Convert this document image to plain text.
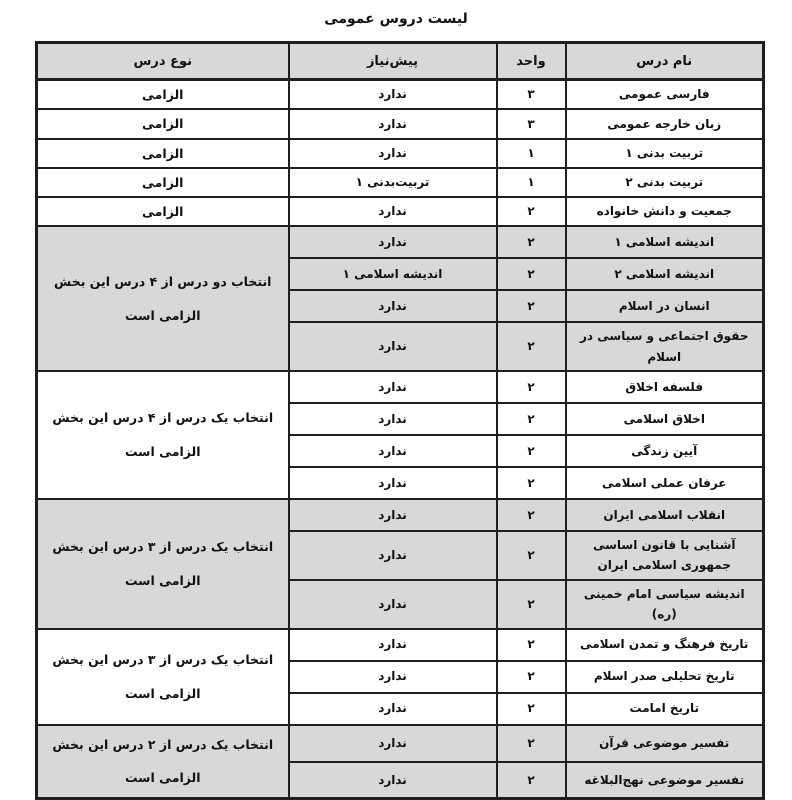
لیست دروس عمومی
نام درس	واحد	پیش‌نیاز	نوع درس
فارسی عمومی	۳	ندارد	الزامی
زبان خارجه عمومی	۳	ندارد	الزامی
تربیت بدنی ۱	۱	ندارد	الزامی
تربیت بدنی ۲	۱	تربیت‌بدنی ۱	الزامی
جمعیت و دانش خانواده	۲	ندارد	الزامی
اندیشه اسلامی ۱	۲	ندارد	انتخاب دو درس از ۴ درس این بخش الزامی است
اندیشه اسلامی ۲	۲	اندیشه اسلامی ۱	
انسان در اسلام	۲	ندارد	
حقوق اجتماعی و سیاسی در اسلام	۲	ندارد	
فلسفه اخلاق	۲	ندارد	انتخاب یک درس از ۴ درس این بخش الزامی است
اخلاق اسلامی	۲	ندارد	
آیین زندگی	۲	ندارد	
عرفان عملی اسلامی	۲	ندارد	
انقلاب اسلامی ایران	۲	ندارد	انتخاب یک درس از ۳ درس این بخش الزامی است
آشنایی با قانون اساسی جمهوری اسلامی ایران	۲	ندارد	
اندیشه سیاسی امام خمینی (ره)	۲	ندارد	
تاریخ فرهنگ و تمدن اسلامی	۲	ندارد	انتخاب یک درس از ۳ درس این بخش الزامی است
تاریخ تحلیلی صدر اسلام	۲	ندارد	
تاریخ امامت	۲	ندارد	
تفسیر موضوعی قرآن	۲	ندارد	انتخاب یک درس از ۲ درس این بخش الزامی است
تفسیر موضوعی نهج‌البلاغه	۲	ندارد	
